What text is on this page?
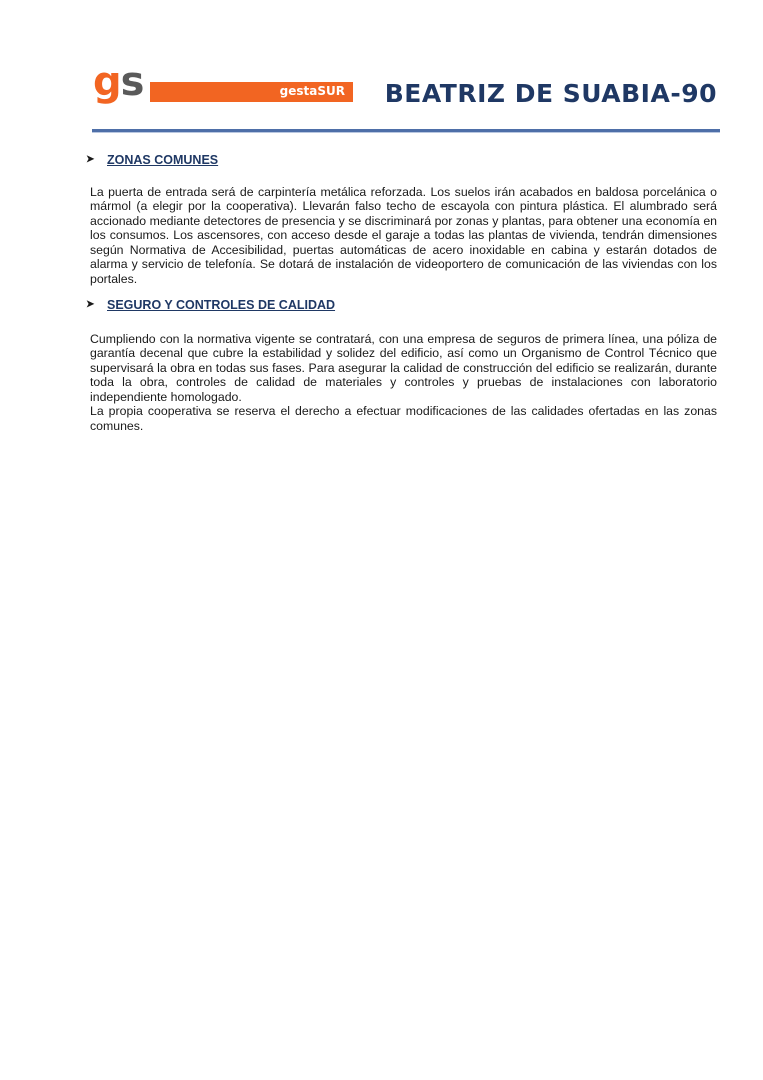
gs	gestaSUR BEATRIZ DE SUABIA-90
➤ ZONAS COMUNES

La puerta de entrada será de carpintería metálica reforzada. Los suelos irán acabados en baldosa porcelánica o mármol (a elegir por la cooperativa). Llevarán falso techo de escayola con pintura plástica. El alumbrado será accionado mediante detectores de presencia y se discriminará por zonas y plantas, para obtener una economía en los consumos. Los ascensores, con acceso desde el garaje a todas las plantas de vivienda, tendrán dimensiones según Normativa de Accesibilidad, puertas automáticas de acero inoxidable en cabina y estarán dotados de alarma y servicio de telefonía. Se dotará de instalación de videoportero de comunicación de las viviendas con los portales.

➤ SEGURO Y CONTROLES DE CALIDAD

Cumpliendo con la normativa vigente se contratará, con una empresa de seguros de primera línea, una póliza de garantía decenal que cubre la estabilidad y solidez del edificio, así como un Organismo de Control Técnico que supervisará la obra en todas sus fases. Para asegurar la calidad de construcción del edificio se realizarán, durante toda la obra, controles de calidad de materiales y controles y pruebas de instalaciones con laboratorio independiente homologado.

La propia cooperativa se reserva el derecho a efectuar modificaciones de las calidades ofertadas en las zonas comunes.
